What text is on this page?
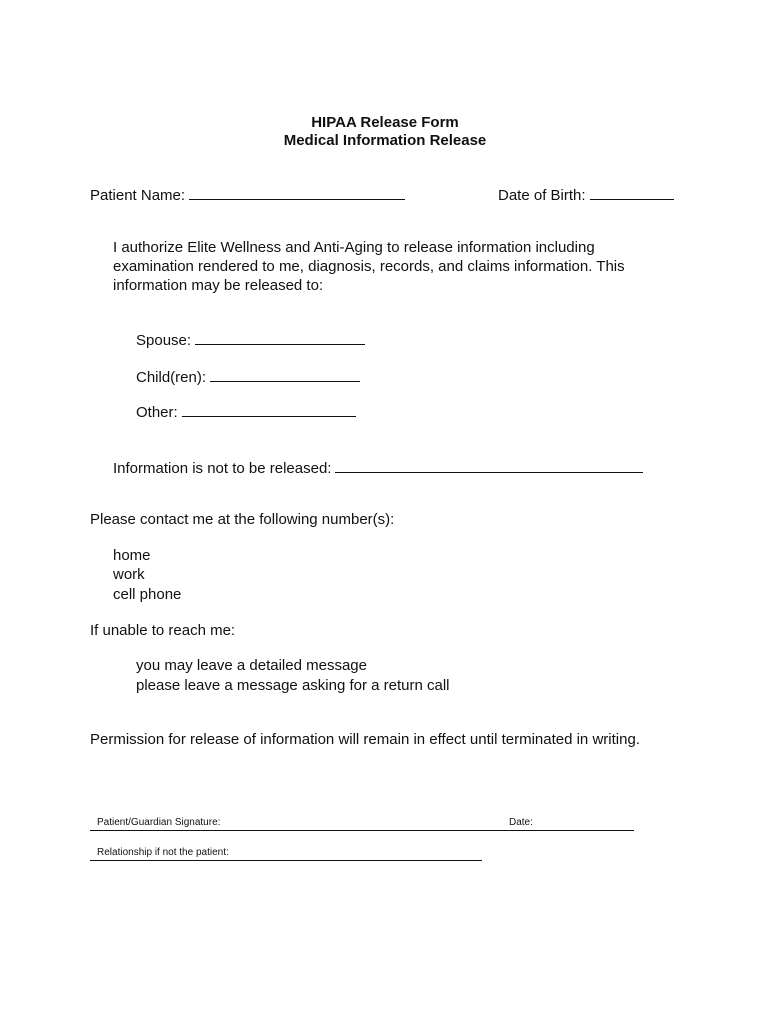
HIPAA Release Form
Medical Information Release
Patient Name:	Date of Birth:
I authorize Elite Wellness and Anti-Aging to release information including examination rendered to me, diagnosis, records, and claims information. This information may be released to:
Spouse:
Child(ren):
Other:
Information is not to be released:
Please contact me at the following number(s):
home
work
cell phone
If unable to reach me:
you may leave a detailed message
please leave a message asking for a return call
Permission for release of information will remain in effect until terminated in writing.
Patient/Guardian Signature:	Date:
Relationship if not the patient:
